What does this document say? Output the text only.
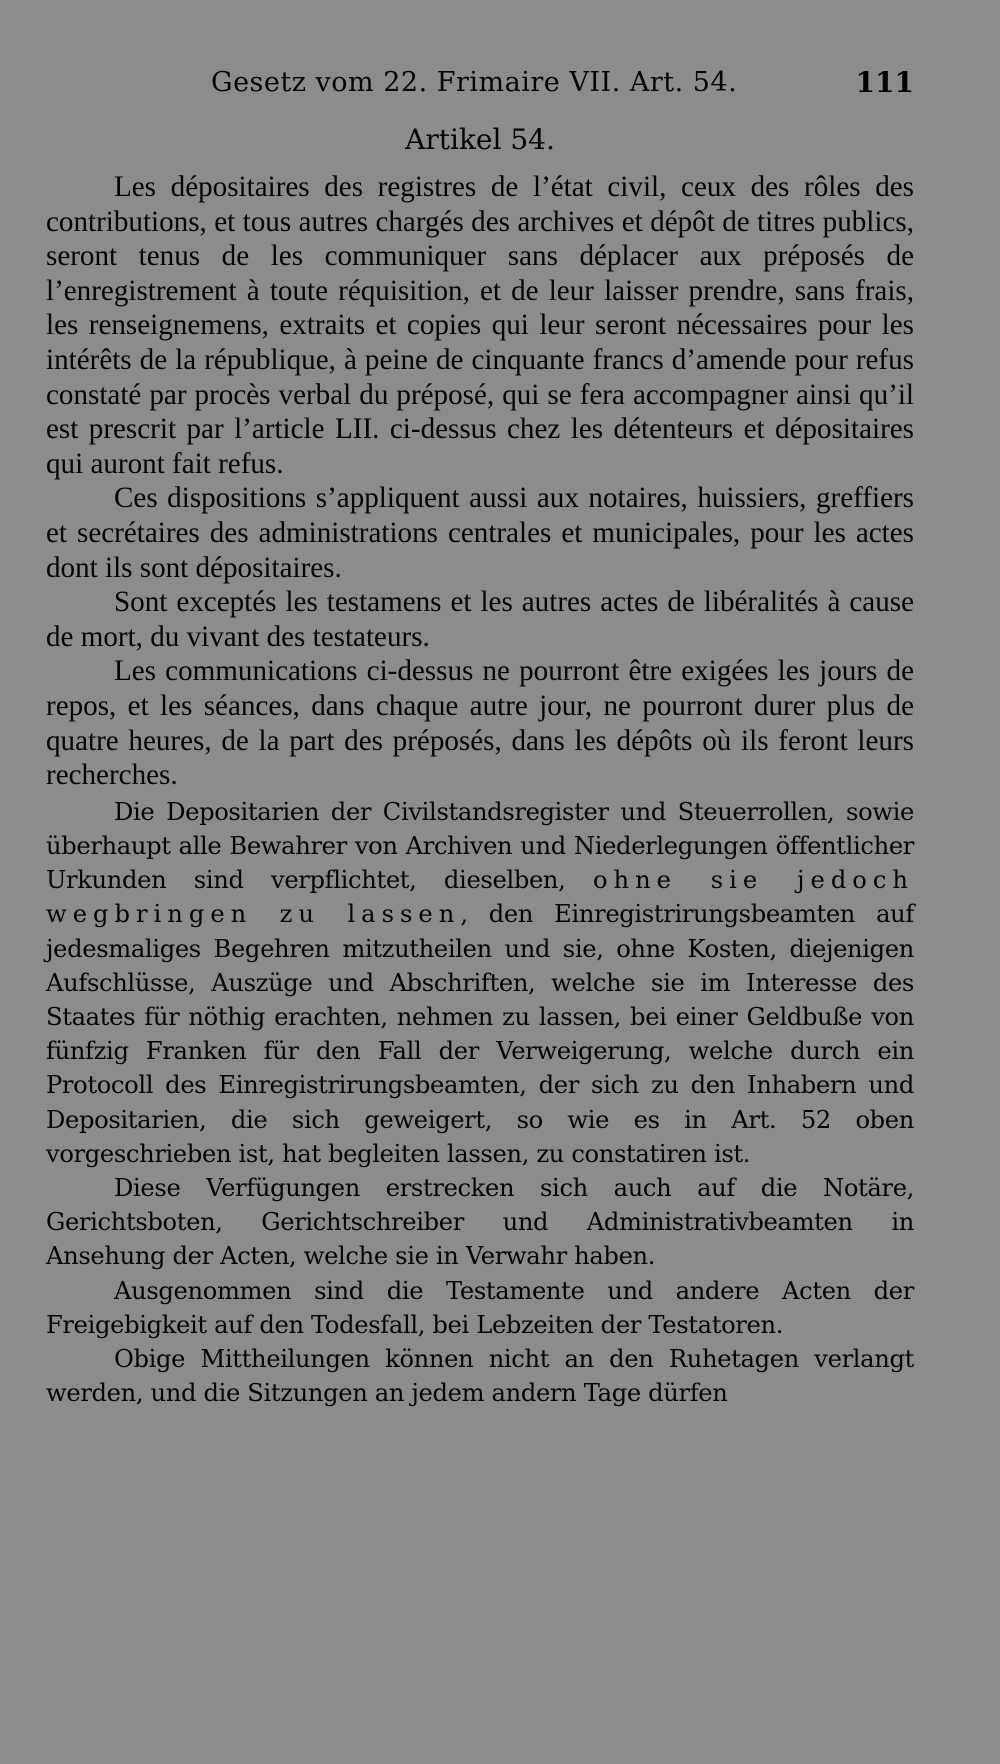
Gesetz vom 22. Frimaire VII. Art. 54.	111
Artikel 54.

Les dépositaires des registres de l’état civil, ceux des rôles des contributions, et tous autres chargés des archives et dépôt de titres publics, seront tenus de les communiquer sans déplacer aux préposés de l’enregistrement à toute réquisition, et de leur laisser prendre, sans frais, les renseignemens, extraits et copies qui leur seront nécessaires pour les intérêts de la république, à peine de cinquante francs d’amende pour refus constaté par procès verbal du préposé, qui se fera accompagner ainsi qu’il est prescrit par l’article LII. ci-dessus chez les détenteurs et dépositaires qui auront fait refus.

Ces dispositions s’appliquent aussi aux notaires, huissiers, greffiers et secrétaires des administrations centrales et municipales, pour les actes dont ils sont dépositaires.

Sont exceptés les testamens et les autres actes de libéralités à cause de mort, du vivant des testateurs.

Les communications ci-dessus ne pourront être exigées les jours de repos, et les séances, dans chaque autre jour, ne pourront durer plus de quatre heures, de la part des préposés, dans les dépôts où ils feront leurs recherches.

Die Depositarien der Civilstandsregister und Steuerrollen, sowie überhaupt alle Bewahrer von Archiven und Niederlegungen öffentlicher Urkunden sind verpflichtet, dieselben, ohne sie jedoch wegbringen zu lassen, den Einregistrirungsbeamten auf jedesmaliges Begehren mitzutheilen und sie, ohne Kosten, diejenigen Aufschlüsse, Auszüge und Abschriften, welche sie im Interesse des Staates für nöthig erachten, nehmen zu lassen, bei einer Geldbuße von fünfzig Franken für den Fall der Verweigerung, welche durch ein Protocoll des Einregistrirungsbeamten, der sich zu den Inhabern und Depositarien, die sich geweigert, so wie es in Art. 52 oben vorgeschrieben ist, hat begleiten lassen, zu constatiren ist.

Diese Verfügungen erstrecken sich auch auf die Notäre, Gerichtsboten, Gerichtschreiber und Administrativbeamten in Ansehung der Acten, welche sie in Verwahr haben.

Ausgenommen sind die Testamente und andere Acten der Freigebigkeit auf den Todesfall, bei Lebzeiten der Testatoren.

Obige Mittheilungen können nicht an den Ruhetagen verlangt werden, und die Sitzungen an jedem andern Tage dürfen
